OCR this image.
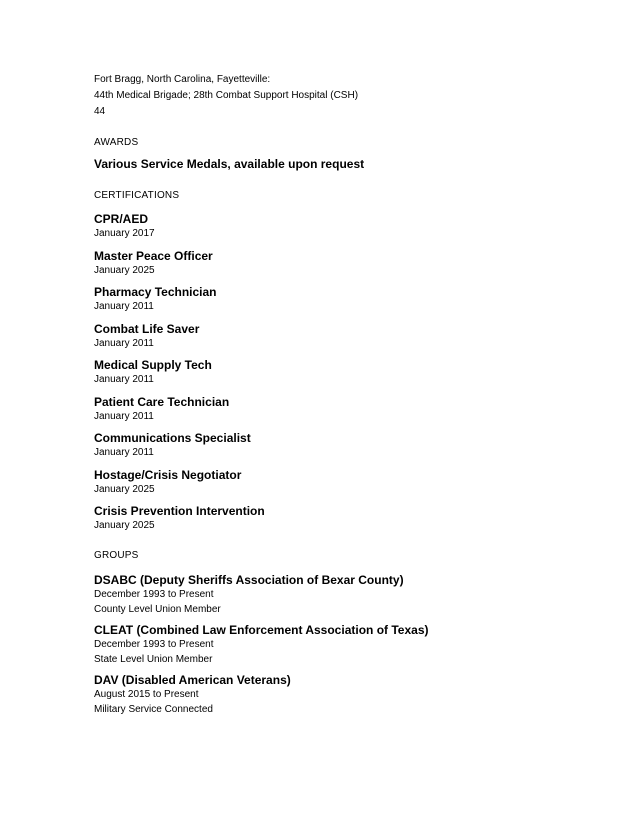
Fort Bragg, North Carolina, Fayetteville:

44th Medical Brigade; 28th Combat Support Hospital (CSH)

44

AWARDS

Various Service Medals, available upon request

CERTIFICATIONS

CPR/AED

January 2017

Master Peace Officer

January 2025

Pharmacy Technician

January 2011

Combat Life Saver

January 2011

Medical Supply Tech

January 2011

Patient Care Technician

January 2011

Communications Specialist

January 2011

Hostage/Crisis Negotiator

January 2025

Crisis Prevention Intervention

January 2025

GROUPS

DSABC (Deputy Sheriffs Association of Bexar County)

December 1993 to Present

County Level Union Member

CLEAT (Combined Law Enforcement Association of Texas)

December 1993 to Present

State Level Union Member

DAV (Disabled American Veterans)

August 2015 to Present

Military Service Connected
